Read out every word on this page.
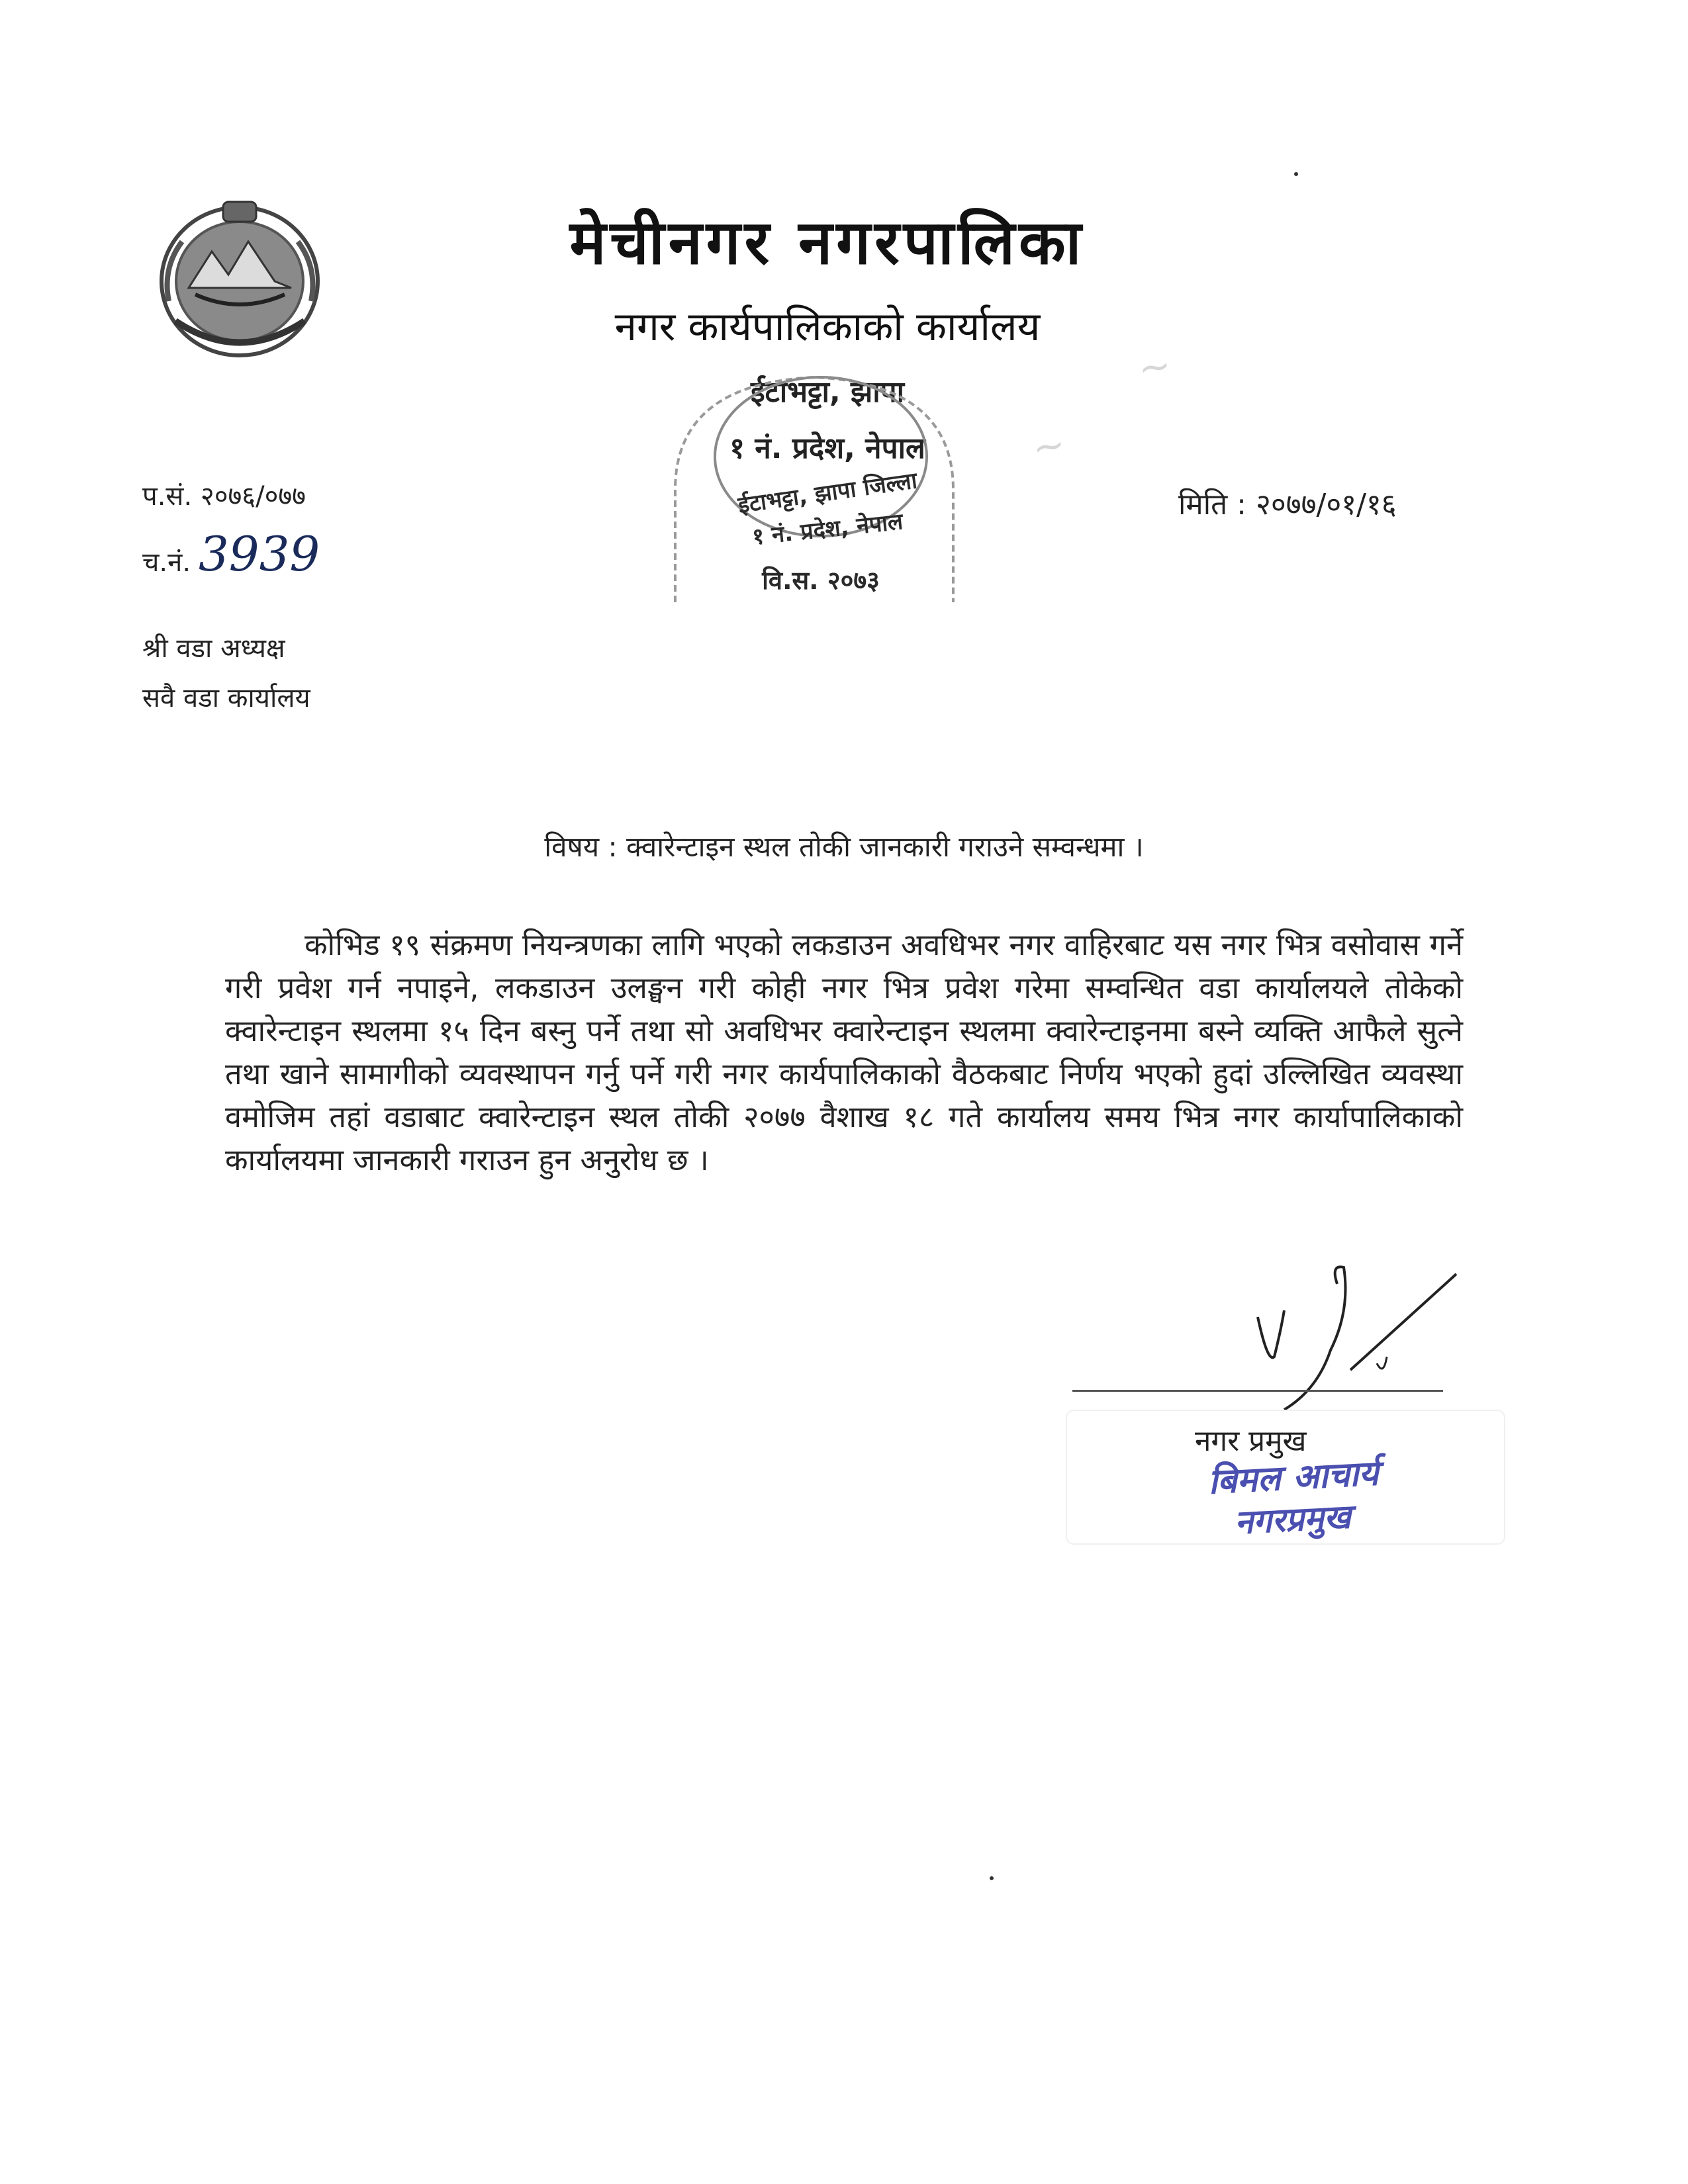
मेचीनगर नगरपालिका
नगर कार्यपालिकाको कार्यालय
ईटाभट्टा, झापा
१ नं. प्रदेश, नेपाल
ईटाभट्टा, झापा जिल्ला
१ नं. प्रदेश, नेपाल
वि.स. २०७३
~
~
प.सं. २०७६/०७७
च.नं. 3939
मिति : २०७७/०१/१६
श्री वडा अध्यक्ष
सवै वडा कार्यालय
विषय : क्वारेन्टाइन स्थल तोकी जानकारी गराउने सम्वन्धमा ।
कोभिड १९ संक्रमण नियन्त्रणका लागि भएको लकडाउन अवधिभर नगर वाहिरबाट यस नगर भित्र वसोवास गर्ने गरी प्रवेश गर्न नपाइने, लकडाउन उलङ्घन गरी कोही नगर भित्र प्रवेश गरेमा सम्वन्धित वडा कार्यालयले तोकेको क्वारेन्टाइन स्थलमा १५ दिन बस्नु पर्ने तथा सो अवधिभर क्वारेन्टाइन स्थलमा क्वारेन्टाइनमा बस्ने व्यक्ति आफैले सुत्ने तथा खाने सामागीको व्यवस्थापन गर्नु पर्ने गरी नगर कार्यपालिकाको वैठकबाट निर्णय भएको हुदां उल्लिखित व्यवस्था वमोजिम तहां वडाबाट क्वारेन्टाइन स्थल तोकी २०७७ वैशाख १८ गते कार्यालय समय भित्र नगर कार्यापालिकाको कार्यालयमा जानकारी गराउन हुन अनुरोध छ ।
नगर प्रमुख
बिमल आचार्य
नगरप्रमुख
